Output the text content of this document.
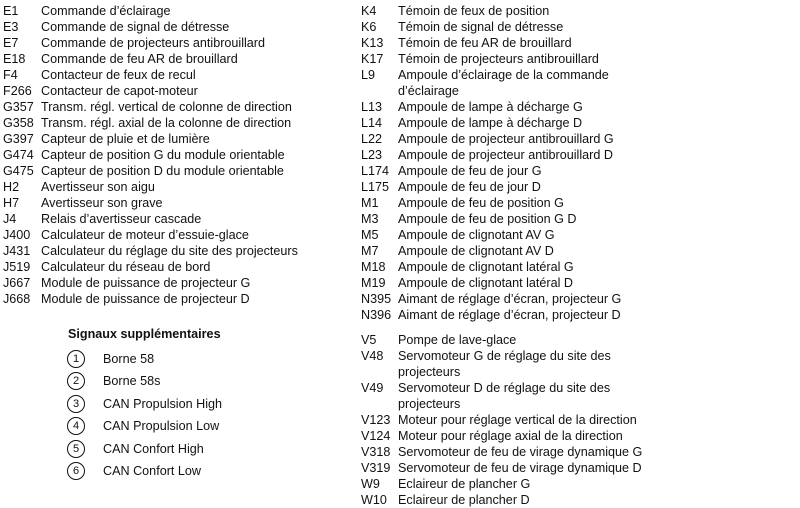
E1 Commande d’éclairage
E3 Commande de signal de détresse
E7 Commande de projecteurs antibrouillard
E18 Commande de feu AR de brouillard
F4 Contacteur de feux de recul
F266 Contacteur de capot-moteur
G357 Transm. régl. vertical de colonne de direction
G358 Transm. régl. axial de la colonne de direction
G397 Capteur de pluie et de lumière
G474 Capteur de position G du module orientable
G475 Capteur de position D du module orientable
H2 Avertisseur son aigu
H7 Avertisseur son grave
J4 Relais d’avertisseur cascade
J400 Calculateur de moteur d’essuie-glace
J431 Calculateur du réglage du site des projecteurs
J519 Calculateur du réseau de bord
J667 Module de puissance de projecteur G
J668 Module de puissance de projecteur D
Signaux supplémentaires
1	Borne 58
2	Borne 58s
3	CAN Propulsion High
4	CAN Propulsion Low
5	CAN Confort High
6	CAN Confort Low
K4 Témoin de feux de position
K6 Témoin de signal de détresse
K13 Témoin de feu AR de brouillard
K17 Témoin de projecteurs antibrouillard
L9 Ampoule d’éclairage de la commande
d’éclairage
L13 Ampoule de lampe à décharge G
L14 Ampoule de lampe à décharge D
L22 Ampoule de projecteur antibrouillard G
L23 Ampoule de projecteur antibrouillard D
L174 Ampoule de feu de jour G
L175 Ampoule de feu de jour D
M1 Ampoule de feu de position G
M3 Ampoule de feu de position G D
M5 Ampoule de clignotant AV G
M7 Ampoule de clignotant AV D
M18 Ampoule de clignotant latéral G
M19 Ampoule de clignotant latéral D
N395 Aimant de réglage d’écran, projecteur G
N396 Aimant de réglage d’écran, projecteur D
V5 Pompe de lave-glace
V48 Servomoteur G de réglage du site des
projecteurs
V49 Servomoteur D de réglage du site des
projecteurs
V123 Moteur pour réglage vertical de la direction
V124 Moteur pour réglage axial de la direction
V318 Servomoteur de feu de virage dynamique G
V319 Servomoteur de feu de virage dynamique D
W9 Eclaireur de plancher G
W10 Eclaireur de plancher D
